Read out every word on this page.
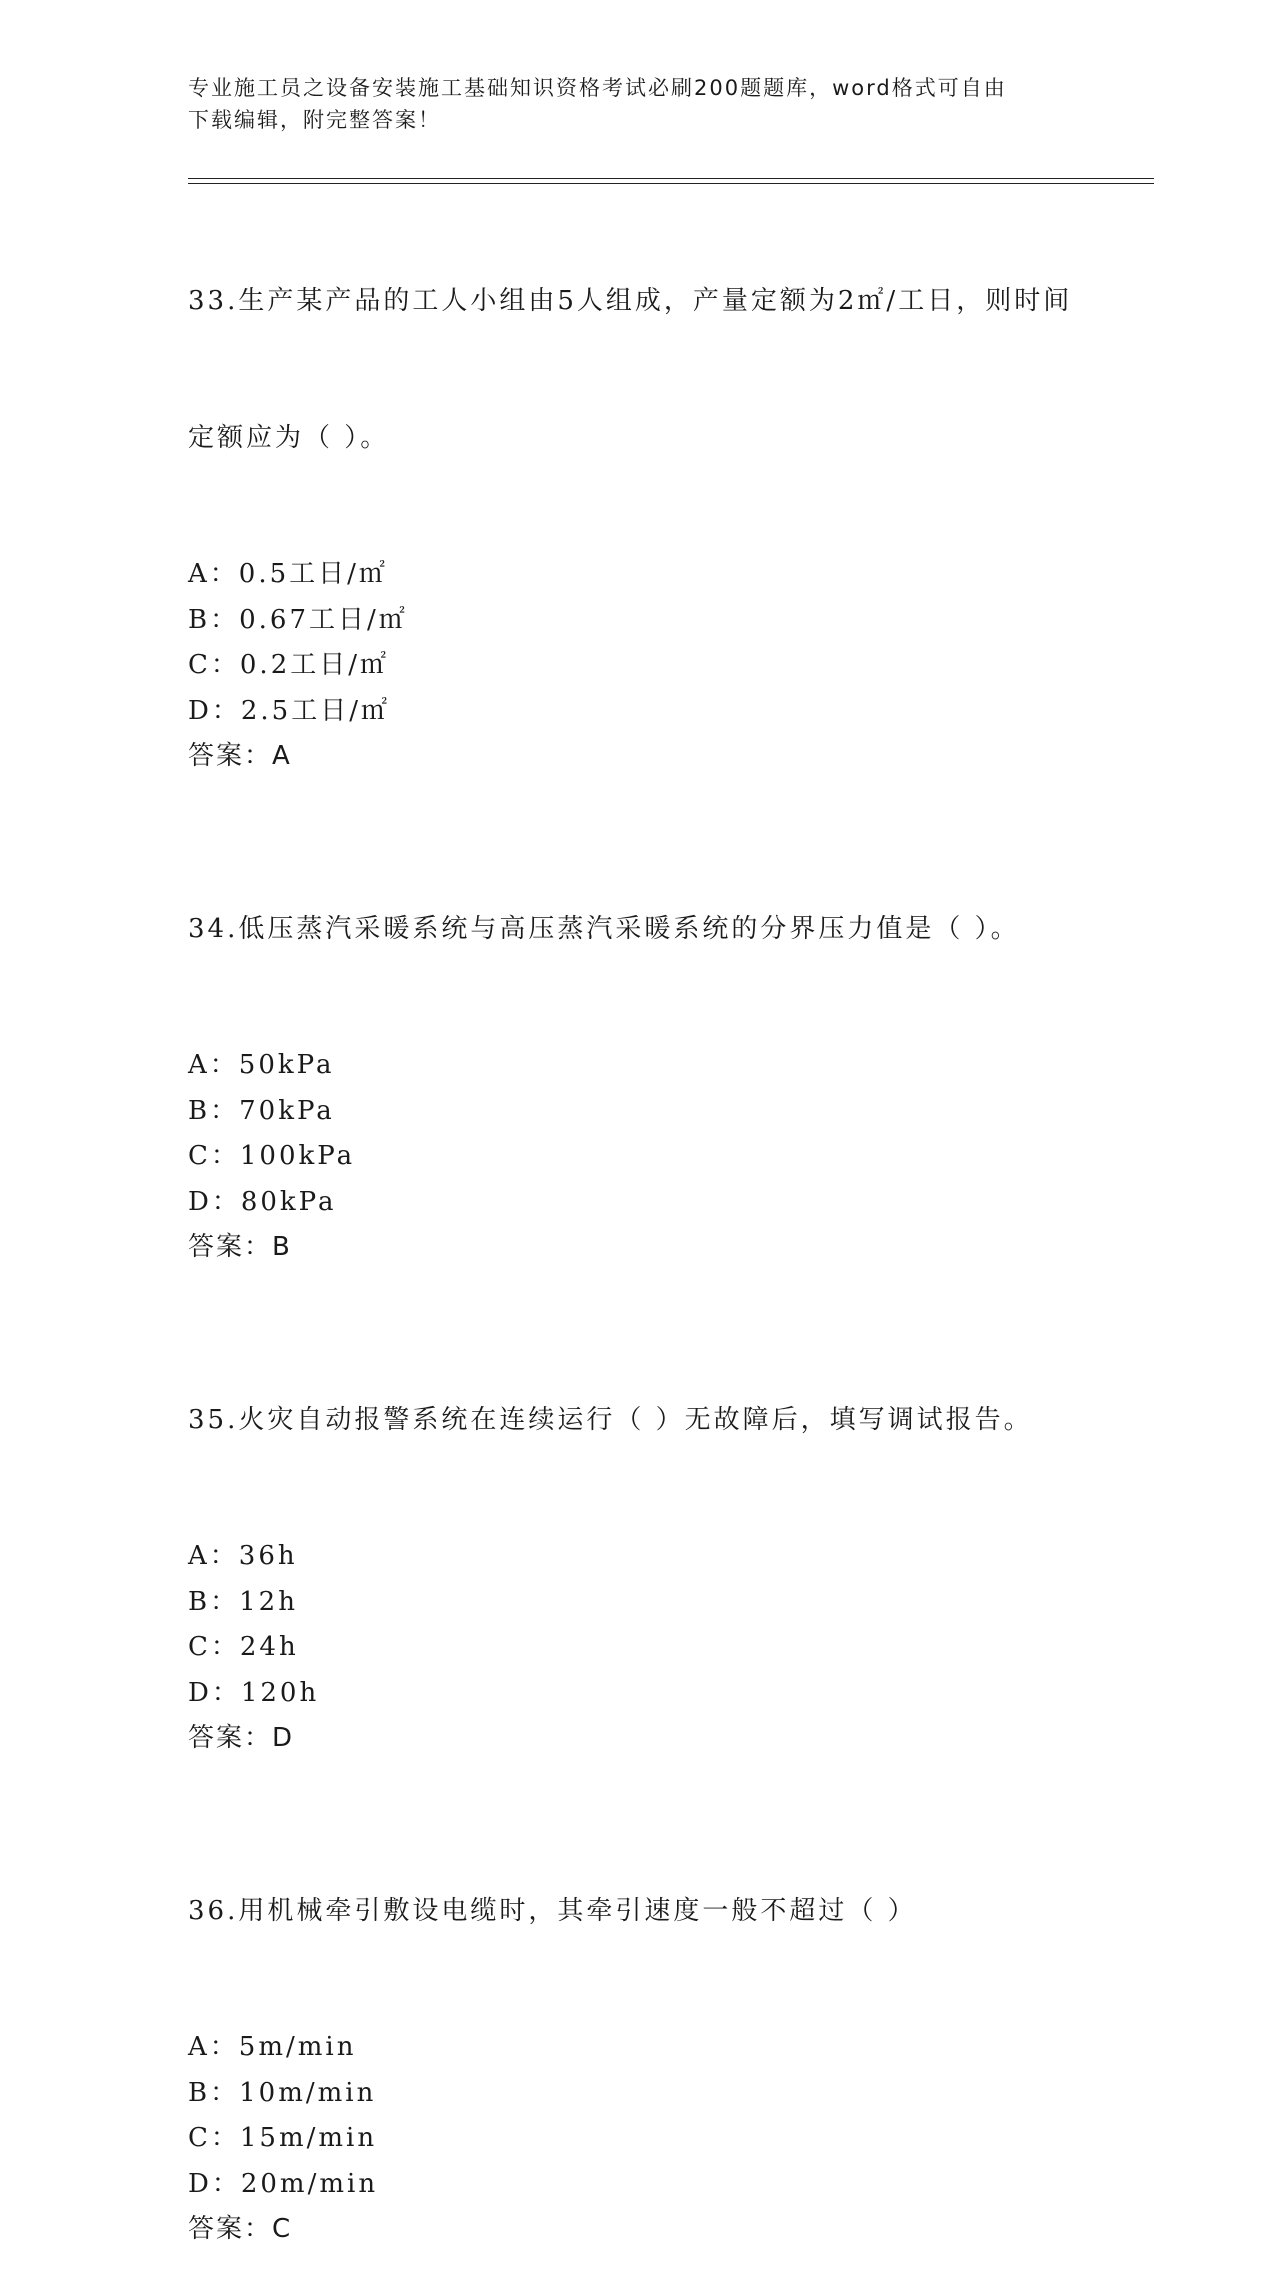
专业施工员之设备安装施工基础知识资格考试必刷200题题库，word格式可自由
下载编辑，附完整答案！

33.生产某产品的工人小组由5人组成，产量定额为2㎡/工日，则时间

定额应为（ ）。

A：0.5工日/㎡
B：0.67工日/㎡
C：0.2工日/㎡
D：2.5工日/㎡
答案：A

34.低压蒸汽采暖系统与高压蒸汽采暖系统的分界压力值是（ ）。

A：50kPa
B：70kPa
C：100kPa
D：80kPa
答案：B

35.火灾自动报警系统在连续运行（ ）无故障后，填写调试报告。

A：36h
B：12h
C：24h
D：120h
答案：D

36.用机械牵引敷设电缆时，其牵引速度一般不超过（ ）

A：5m/min
B：10m/min
C：15m/min
D：20m/min
答案：C
